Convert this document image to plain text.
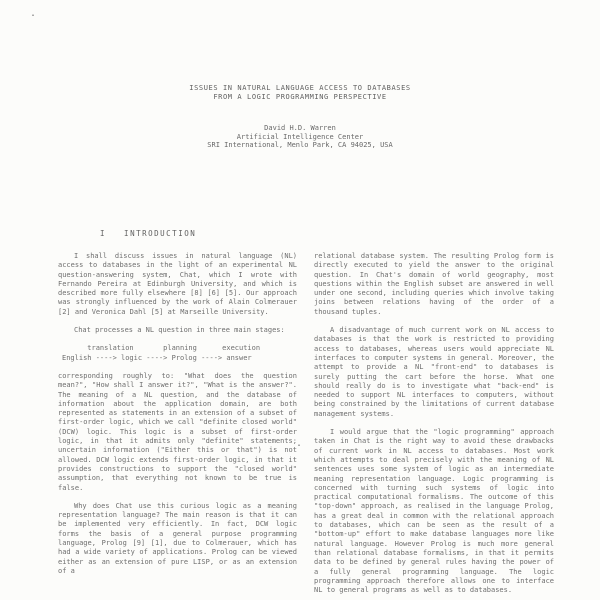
.
.
ISSUES IN NATURAL LANGUAGE ACCESS TO DATABASES
FROM A LOGIC PROGRAMMING PERSPECTIVE
David H.D. Warren
Artificial Intelligence Center
SRI International, Menlo Park, CA 94025, USA
I   INTRODUCTION

I shall discuss issues in natural language (NL) access to databases in the light of an experimental NL question-answering system, Chat, which I wrote with Fernando Pereira at Edinburgh University, and which is described more fully elsewhere [8] [6] [5]. Our approach was strongly influenced by the work of Alain Colmerauer [2] and Veronica Dahl [5] at Marseille University.

Chat processes a NL question in three main stages:

translation       planning      execution
English ----> logic ----> Prolog ----> answer

corresponding roughly to: "What does the question mean?", "How shall I answer it?", "What is the answer?". The meaning of a NL question, and the database of information about the application domain, are both represented as statements in an extension of a subset of first-order logic, which we call "definite closed world" (DCW) logic. This logic is a subset of first-order logic, in that it admits only "definite" statements; uncertain information ("Either this or that") is not allowed. DCW logic extends first-order logic, in that it provides constructions to support the "closed world" assumption, that everything not known to be true is false.

Why does Chat use this curious logic as a meaning representation language? The main reason is that it can be implemented very efficiently. In fact, DCW logic forms the basis of a general purpose programming language, Prolog [9] [1], due to Colmerauer, which has had a wide variety of applications. Prolog can be viewed either as an extension of pure LISP, or as an extension of a

relational database system. The resulting Prolog form is directly executed to yield the answer to the original question. In Chat's domain of world geography, most questions within the English subset are answered in well under one second, including queries which involve taking joins between relations having of the order of a thousand tuples.

A disadvantage of much current work on NL access to databases is that the work is restricted to providing access to databases, whereas users would appreciate NL interfaces to computer systems in general. Moreover, the attempt to provide a NL "front-end" to databases is surely putting the cart before the horse. What one should really do is to investigate what "back-end" is needed to support NL interfaces to computers, without being constrained by the limitations of current database management systems.

I would argue that the "logic programming" approach taken in Chat is the right way to avoid these drawbacks of current work in NL access to databases. Most work which attempts to deal precisely with the meaning of NL sentences uses some system of logic as an intermediate meaning representation language. Logic programming is concerned with turning such systems of logic into practical computational formalisms. The outcome of this "top-down" approach, as realised in the language Prolog, has a great deal in common with the relational approach to databases, which can be seen as the result of a "bottom-up" effort to make database languages more like natural language. However Prolog is much more general than relational database formalisms, in that it permits data to be defined by general rules having the power of a fully general programming language. The logic programming approach therefore allows one to interface NL to general programs as well as to databases.
